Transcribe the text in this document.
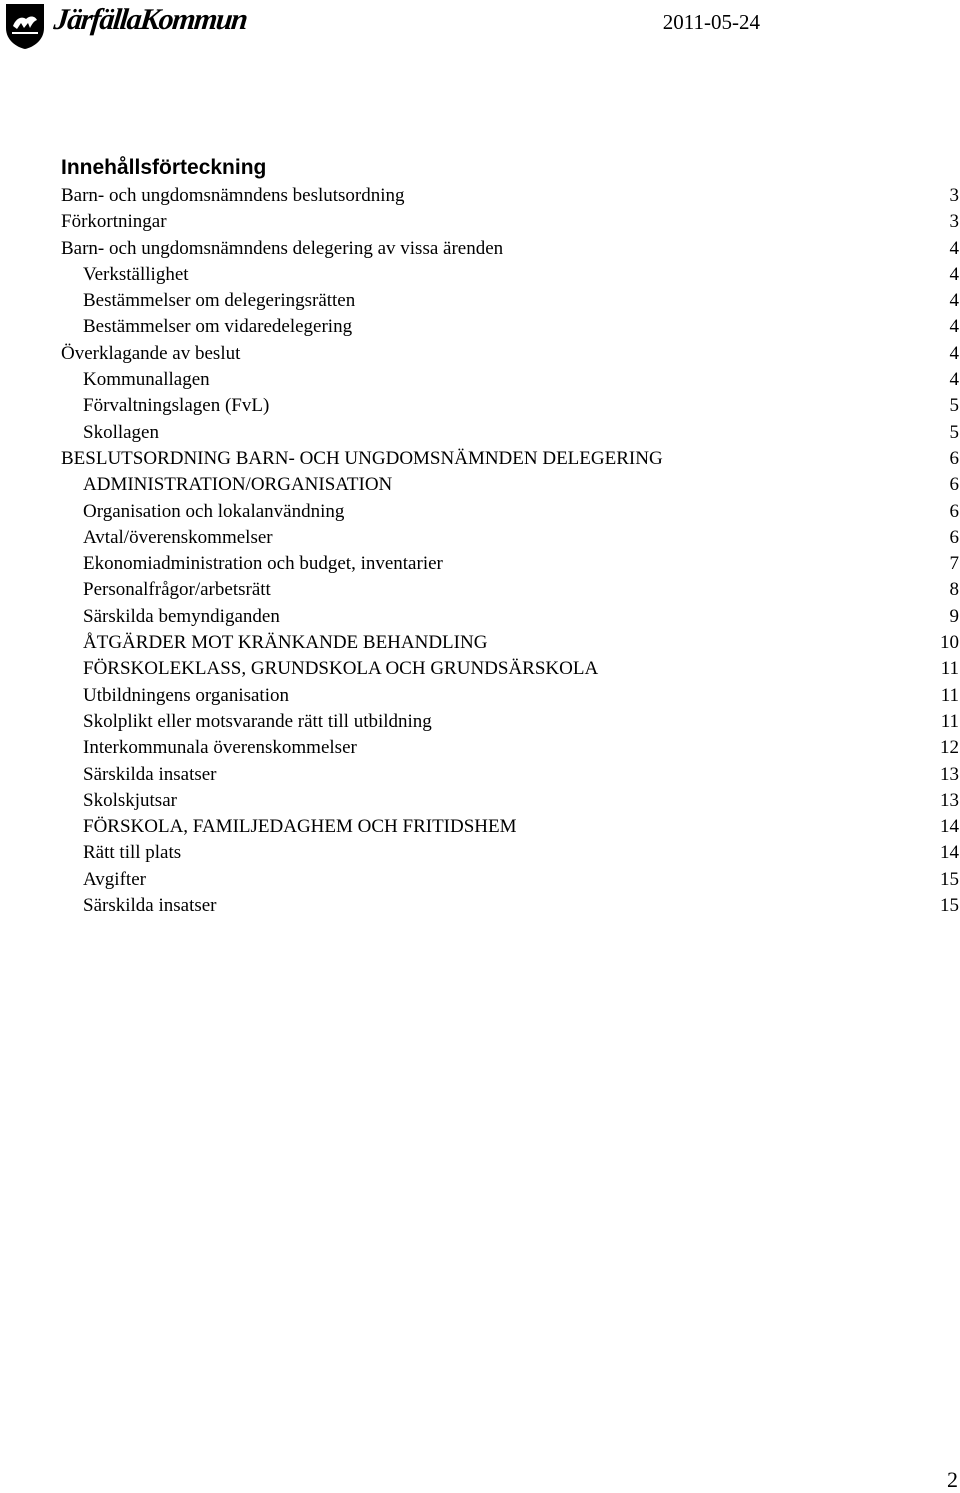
JärfällaKommun	2011-05-24
Innehållsförteckning
Barn- och ungdomsnämndens beslutsordning	3
Förkortningar	3
Barn- och ungdomsnämndens delegering av vissa ärenden	4
Verkställighet	4
Bestämmelser om delegeringsrätten	4
Bestämmelser om vidaredelegering	4
Överklagande av beslut	4
Kommunallagen	4
Förvaltningslagen (FvL)	5
Skollagen	5
BESLUTSORDNING BARN- OCH UNGDOMSNÄMNDEN DELEGERING	6
ADMINISTRATION/ORGANISATION	6
Organisation och lokalanvändning	6
Avtal/överenskommelser	6
Ekonomiadministration och budget, inventarier	7
Personalfrågor/arbetsrätt	8
Särskilda bemyndiganden	9
ÅTGÄRDER MOT KRÄNKANDE BEHANDLING	10
FÖRSKOLEKLASS, GRUNDSKOLA OCH GRUNDSÄRSKOLA	11
Utbildningens organisation	11
Skolplikt eller motsvarande rätt till utbildning	11
Interkommunala överenskommelser	12
Särskilda insatser	13
Skolskjutsar	13
FÖRSKOLA, FAMILJEDAGHEM OCH FRITIDSHEM	14
Rätt till plats	14
Avgifter	15
Särskilda insatser	15
2
